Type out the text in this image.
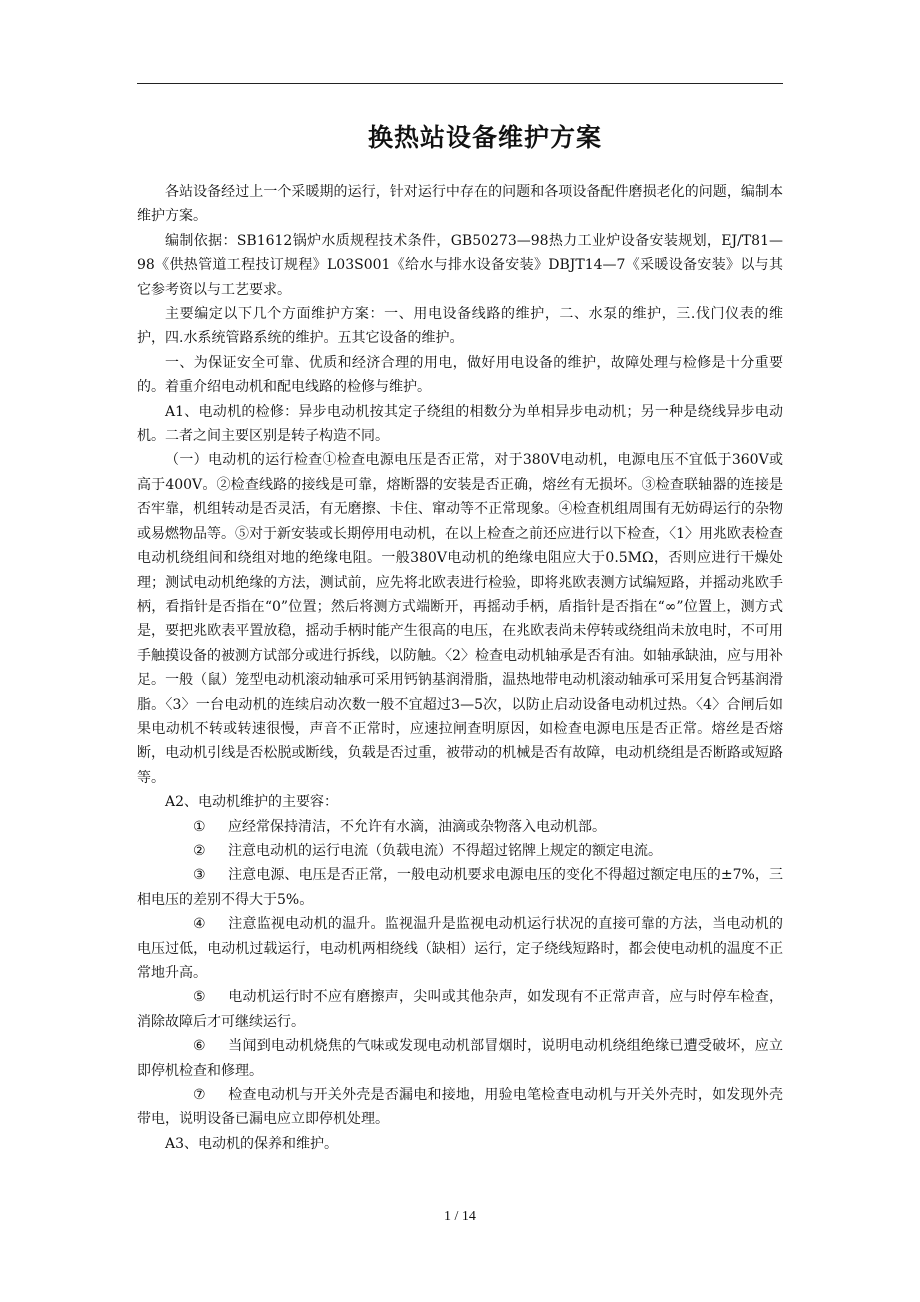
换热站设备维护方案

各站设备经过上一个采暖期的运行，针对运行中存在的问题和各项设备配件磨损老化的问题，编制本维护方案。

编制依据：SB1612锅炉水质规程技术条件，GB50273—98热力工业炉设备安装规划，EJ/T81—98《供热管道工程技订规程》L03S001《给水与排水设备安装》DBJT14—7《采暖设备安装》以与其它参考资以与工艺要求。

主要编定以下几个方面维护方案：一、用电设备线路的维护，二、水泵的维护，三.伐门仪表的维护，四.水系统管路系统的维护。五其它设备的维护。

一、为保证安全可靠、优质和经济合理的用电，做好用电设备的维护，故障处理与检修是十分重要的。着重介绍电动机和配电线路的检修与维护。

A1、电动机的检修：异步电动机按其定子绕组的相数分为单相异步电动机；另一种是绕线异步电动机。二者之间主要区别是转子构造不同。

（一）电动机的运行检查①检查电源电压是否正常，对于380V电动机，电源电压不宜低于360V或高于400V。②检查线路的接线是可靠，熔断器的安装是否正确，熔丝有无损坏。③检查联轴器的连接是否牢靠，机组转动是否灵活，有无磨擦、卡住、窜动等不正常现象。④检查机组周围有无妨碍运行的杂物或易燃物品等。⑤对于新安装或长期停用电动机，在以上检查之前还应进行以下检查，〈1〉用兆欧表检查电动机绕组间和绕组对地的绝缘电阻。一般380V电动机的绝缘电阻应大于0.5MΩ，否则应进行干燥处理；测试电动机绝缘的方法，测试前，应先将北欧表进行检验，即将兆欧表测方试编短路，并摇动兆欧手柄，看指针是否指在“0”位置；然后将测方式端断开，再摇动手柄，盾指针是否指在“∞”位置上，测方式是，要把兆欧表平置放稳，摇动手柄时能产生很高的电压，在兆欧表尚未停转或绕组尚未放电时，不可用手触摸设备的被测方试部分或进行拆线，以防触。〈2〉检查电动机轴承是否有油。如轴承缺油，应与用补足。一般（鼠）笼型电动机滚动轴承可采用钙钠基润滑脂，温热地带电动机滚动轴承可采用复合钙基润滑脂。〈3〉一台电动机的连续启动次数一般不宜超过3—5次，以防止启动设备电动机过热。〈4〉合闸后如果电动机不转或转速很慢，声音不正常时，应速拉闸查明原因，如检查电源电压是否正常。熔丝是否熔断，电动机引线是否松脱或断线，负载是否过重，被带动的机械是否有故障，电动机绕组是否断路或短路等。

A2、电动机维护的主要容：

① 应经常保持清洁，不允许有水滴，油滴或杂物落入电动机部。

② 注意电动机的运行电流（负载电流）不得超过铭牌上规定的额定电流。

③ 注意电源、电压是否正常，一般电动机要求电源电压的变化不得超过额定电压的±7%，三相电压的差别不得大于5%。

④ 注意监视电动机的温升。监视温升是监视电动机运行状况的直接可靠的方法，当电动机的电压过低，电动机过载运行，电动机两相绕线（缺相）运行，定子绕线短路时，都会使电动机的温度不正常地升高。

⑤ 电动机运行时不应有磨擦声，尖叫或其他杂声，如发现有不正常声音，应与时停车检查，消除故障后才可继续运行。

⑥ 当闻到电动机烧焦的气味或发现电动机部冒烟时，说明电动机绕组绝缘已遭受破坏，应立即停机检查和修理。

⑦ 检查电动机与开关外壳是否漏电和接地，用验电笔检查电动机与开关外壳时，如发现外壳带电，说明设备已漏电应立即停机处理。

A3、电动机的保养和维护。

1 / 14
